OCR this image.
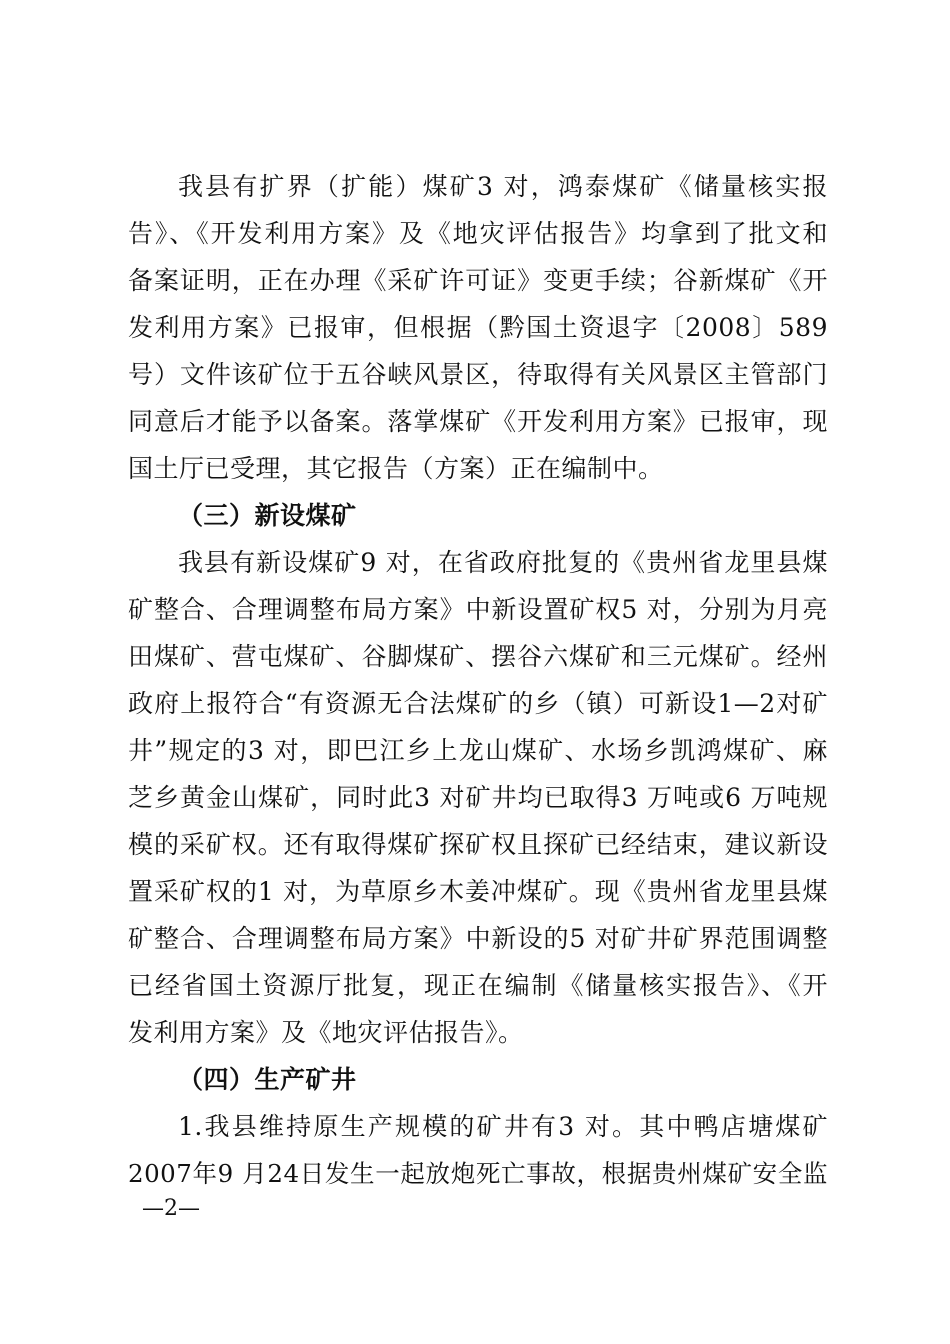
我县有扩界（扩能）煤矿3 对，鸿泰煤矿《储量核实报
告》、《开发利用方案》及《地灾评估报告》均拿到了批文和
备案证明，正在办理《采矿许可证》变更手续；谷新煤矿《开
发利用方案》已报审，但根据（黔国土资退字〔2008〕589
号）文件该矿位于五谷峡风景区，待取得有关风景区主管部门
同意后才能予以备案。落掌煤矿《开发利用方案》已报审，现
国土厅已受理，其它报告（方案）正在编制中。
（三）新设煤矿
我县有新设煤矿9 对，在省政府批复的《贵州省龙里县煤
矿整合、合理调整布局方案》中新设置矿权5 对，分别为月亮
田煤矿、营屯煤矿、谷脚煤矿、摆谷六煤矿和三元煤矿。经州
政府上报符合“有资源无合法煤矿的乡（镇）可新设1—2对矿
井”规定的3 对，即巴江乡上龙山煤矿、水场乡凯鸿煤矿、麻
芝乡黄金山煤矿，同时此3 对矿井均已取得3 万吨或6 万吨规
模的采矿权。还有取得煤矿探矿权且探矿已经结束，建议新设
置采矿权的1 对，为草原乡木姜冲煤矿。现《贵州省龙里县煤
矿整合、合理调整布局方案》中新设的5 对矿井矿界范围调整
已经省国土资源厅批复，现正在编制《储量核实报告》、《开
发利用方案》及《地灾评估报告》。
（四）生产矿井
1.我县维持原生产规模的矿井有3 对。其中鸭店塘煤矿
2007年9 月24日发生一起放炮死亡事故，根据贵州煤矿安全监
—2—
